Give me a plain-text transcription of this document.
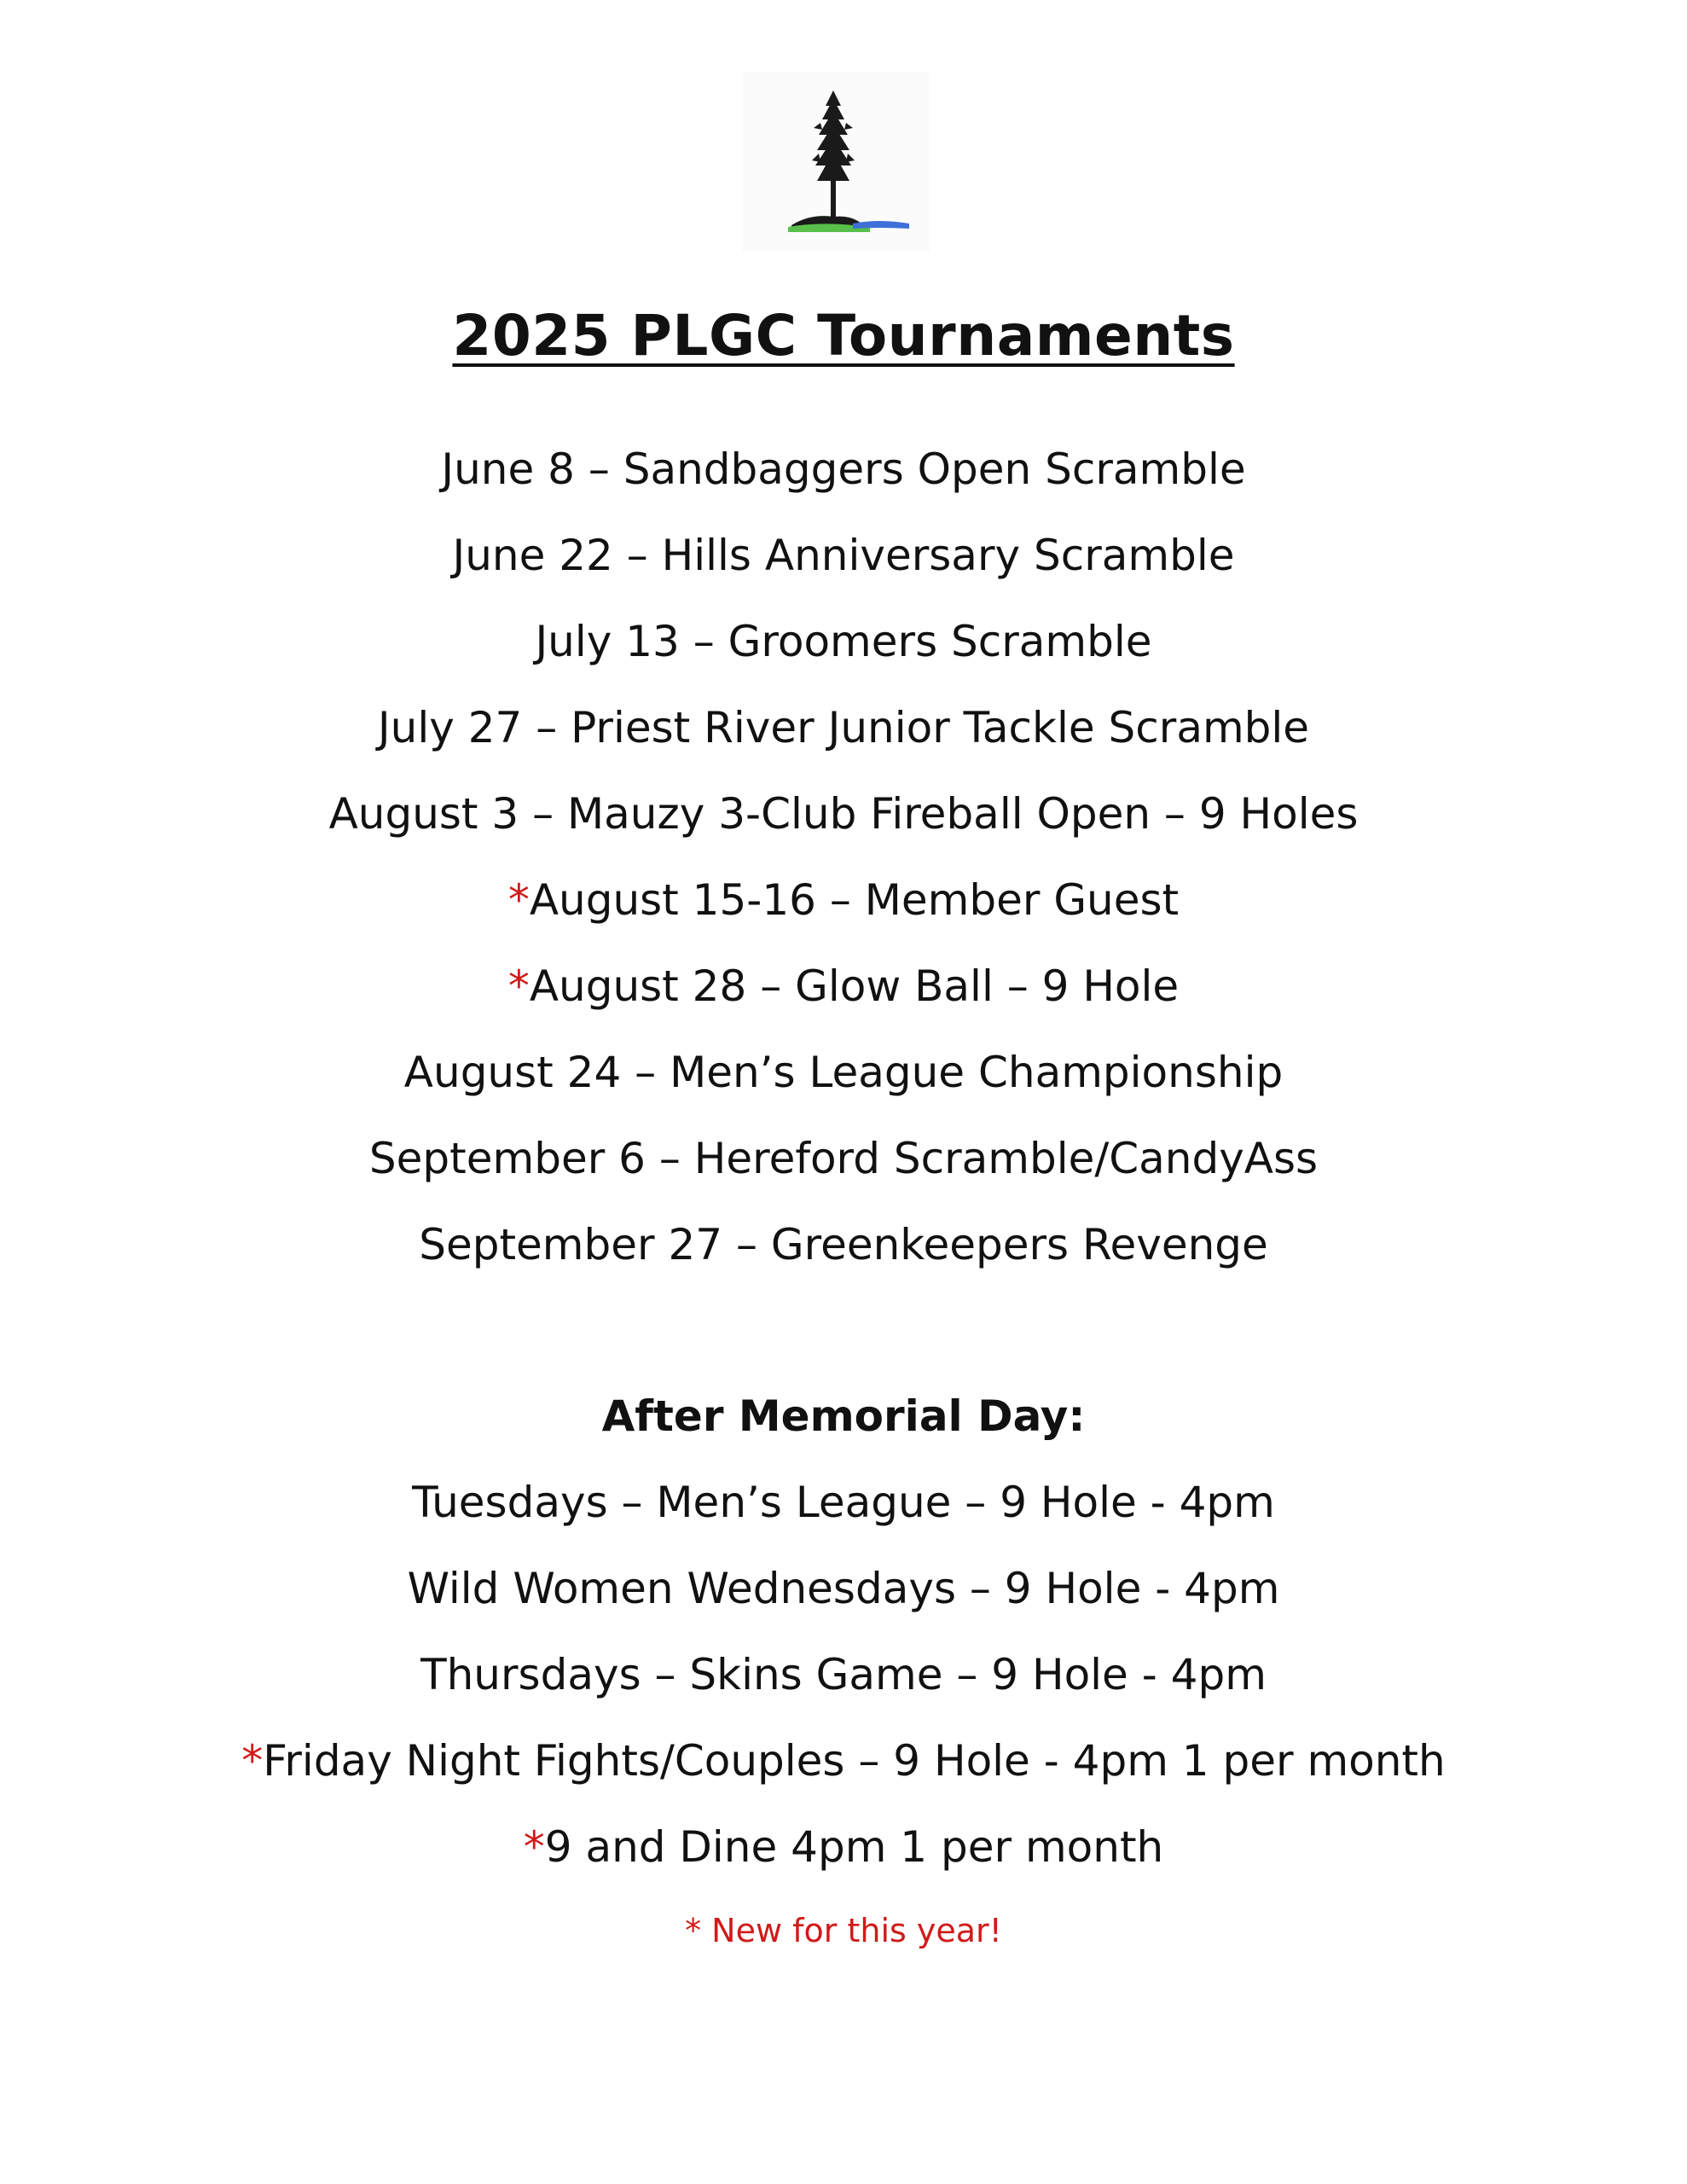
2025 PLGC Tournaments
June 8 – Sandbaggers Open Scramble
June 22 – Hills Anniversary Scramble
July 13 – Groomers Scramble
July 27 – Priest River Junior Tackle Scramble
August 3 – Mauzy 3-Club Fireball Open – 9 Holes
*August 15-16 – Member Guest
*August 28 – Glow Ball – 9 Hole
August 24 – Men’s League Championship
September 6 – Hereford Scramble/CandyAss
September 27 – Greenkeepers Revenge
After Memorial Day:
Tuesdays – Men’s League – 9 Hole - 4pm
Wild Women Wednesdays – 9 Hole - 4pm
Thursdays – Skins Game – 9 Hole - 4pm
*Friday Night Fights/Couples – 9 Hole - 4pm 1 per month
*9 and Dine 4pm 1 per month
* New for this year!
